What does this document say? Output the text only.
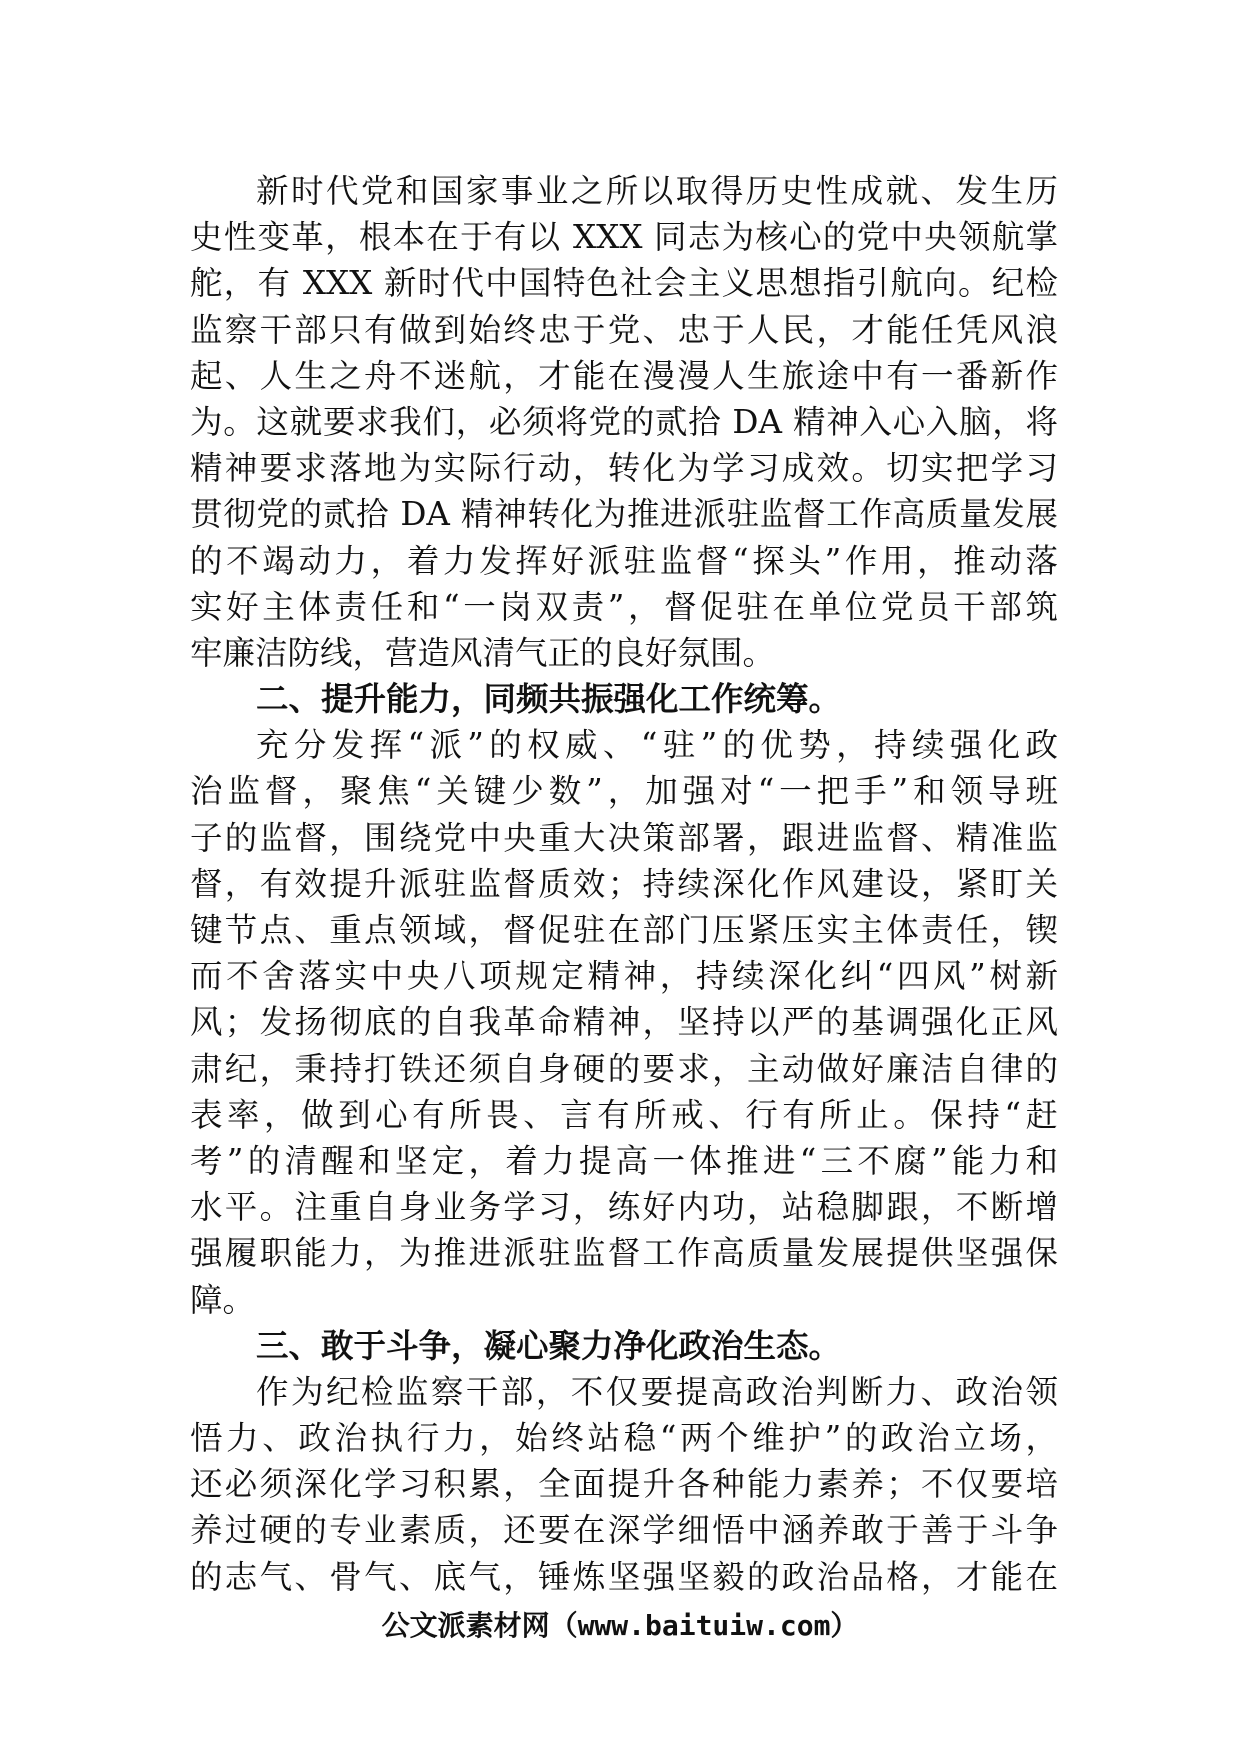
新时代党和国家事业之所以取得历史性成就、发生历
史性变革，根本在于有以 XXX 同志为核心的党中央领航掌
舵，有 XXX 新时代中国特色社会主义思想指引航向。纪检
监察干部只有做到始终忠于党、忠于人民，才能任凭风浪
起、人生之舟不迷航，才能在漫漫人生旅途中有一番新作
为。这就要求我们，必须将党的贰拾 DA 精神入心入脑，将
精神要求落地为实际行动，转化为学习成效。切实把学习
贯彻党的贰拾 DA 精神转化为推进派驻监督工作高质量发展
的不竭动力，着力发挥好派驻监督“探头”作用，推动落
实好主体责任和“一岗双责”，督促驻在单位党员干部筑
牢廉洁防线，营造风清气正的良好氛围。
二、提升能力，同频共振强化工作统筹。
充分发挥“派”的权威、“驻”的优势，持续强化政
治监督，聚焦“关键少数”，加强对“一把手”和领导班
子的监督，围绕党中央重大决策部署，跟进监督、精准监
督，有效提升派驻监督质效；持续深化作风建设，紧盯关
键节点、重点领域，督促驻在部门压紧压实主体责任，锲
而不舍落实中央八项规定精神，持续深化纠“四风”树新
风；发扬彻底的自我革命精神，坚持以严的基调强化正风
肃纪，秉持打铁还须自身硬的要求，主动做好廉洁自律的
表率，做到心有所畏、言有所戒、行有所止。保持“赶
考”的清醒和坚定，着力提高一体推进“三不腐”能力和
水平。注重自身业务学习，练好内功，站稳脚跟，不断增
强履职能力，为推进派驻监督工作高质量发展提供坚强保
障。
三、敢于斗争，凝心聚力净化政治生态。
作为纪检监察干部，不仅要提高政治判断力、政治领
悟力、政治执行力，始终站稳“两个维护”的政治立场，
还必须深化学习积累，全面提升各种能力素养；不仅要培
养过硬的专业素质，还要在深学细悟中涵养敢于善于斗争
的志气、骨气、底气，锤炼坚强坚毅的政治品格，才能在
公文派素材网（www.baituiw.com）
